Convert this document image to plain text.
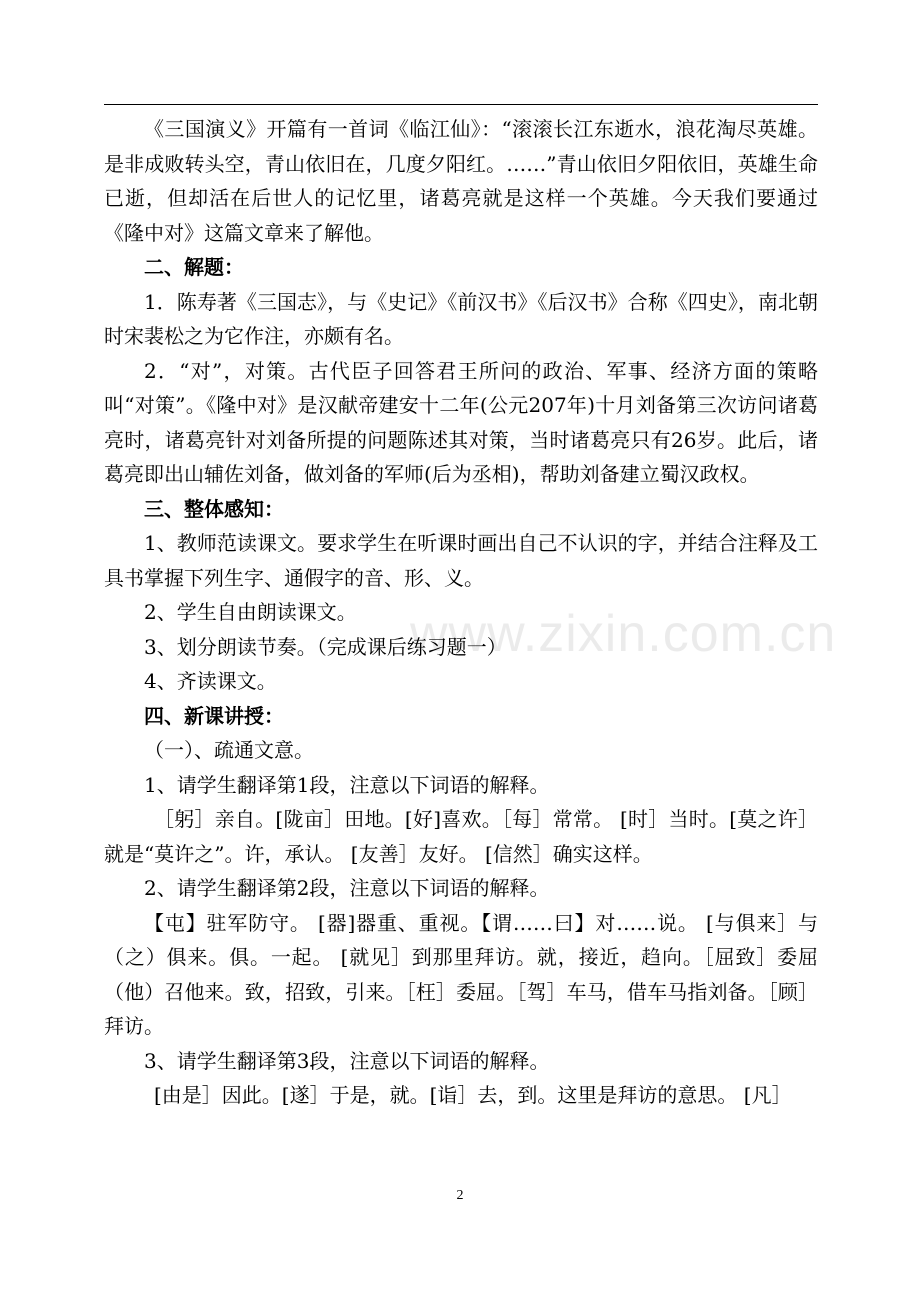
《三国演义》开篇有一首词《临江仙》：“滚滚长江东逝水，浪花淘尽英雄。是非成败转头空，青山依旧在，几度夕阳红。……”青山依旧夕阳依旧，英雄生命已逝，但却活在后世人的记忆里，诸葛亮就是这样一个英雄。今天我们要通过《隆中对》这篇文章来了解他。

二、解题：

1．陈寿著《三国志》，与《史记》《前汉书》《后汉书》合称《四史》，南北朝时宋裴松之为它作注，亦颇有名。

2．“对”，对策。古代臣子回答君王所问的政治、军事、经济方面的策略叫“对策”。《隆中对》是汉献帝建安十二年(公元207年)十月刘备第三次访问诸葛亮时，诸葛亮针对刘备所提的问题陈述其对策，当时诸葛亮只有26岁。此后，诸葛亮即出山辅佐刘备，做刘备的军师(后为丞相)，帮助刘备建立蜀汉政权。

三、整体感知：

1、教师范读课文。要求学生在听课时画出自己不认识的字，并结合注释及工具书掌握下列生字、通假字的音、形、义。

2、学生自由朗读课文。

3、划分朗读节奏。（完成课后练习题一）

4、齐读课文。

四、新课讲授：

（一）、疏通文意。

1、请学生翻译第1段，注意以下词语的解释。

［躬］亲自。[陇亩］田地。[好]喜欢。［每］常常。 [时］当时。[莫之许］就是“莫许之”。许，承认。 [友善］友好。 [信然］确实这样。

2、请学生翻译第2段，注意以下词语的解释。

【屯】驻军防守。 [器]器重、重视。【谓……曰】对……说。 [与俱来］与（之）俱来。俱。一起。 [就见］到那里拜访。就，接近，趋向。［屈致］委屈（他）召他来。致，招致，引来。［枉］委屈。［驾］车马，借车马指刘备。［顾］拜访。

3、请学生翻译第3段，注意以下词语的解释。

[由是］因此。[遂］于是，就。[诣］去，到。这里是拜访的意思。 [凡］

www.zixin.com.cn
2
